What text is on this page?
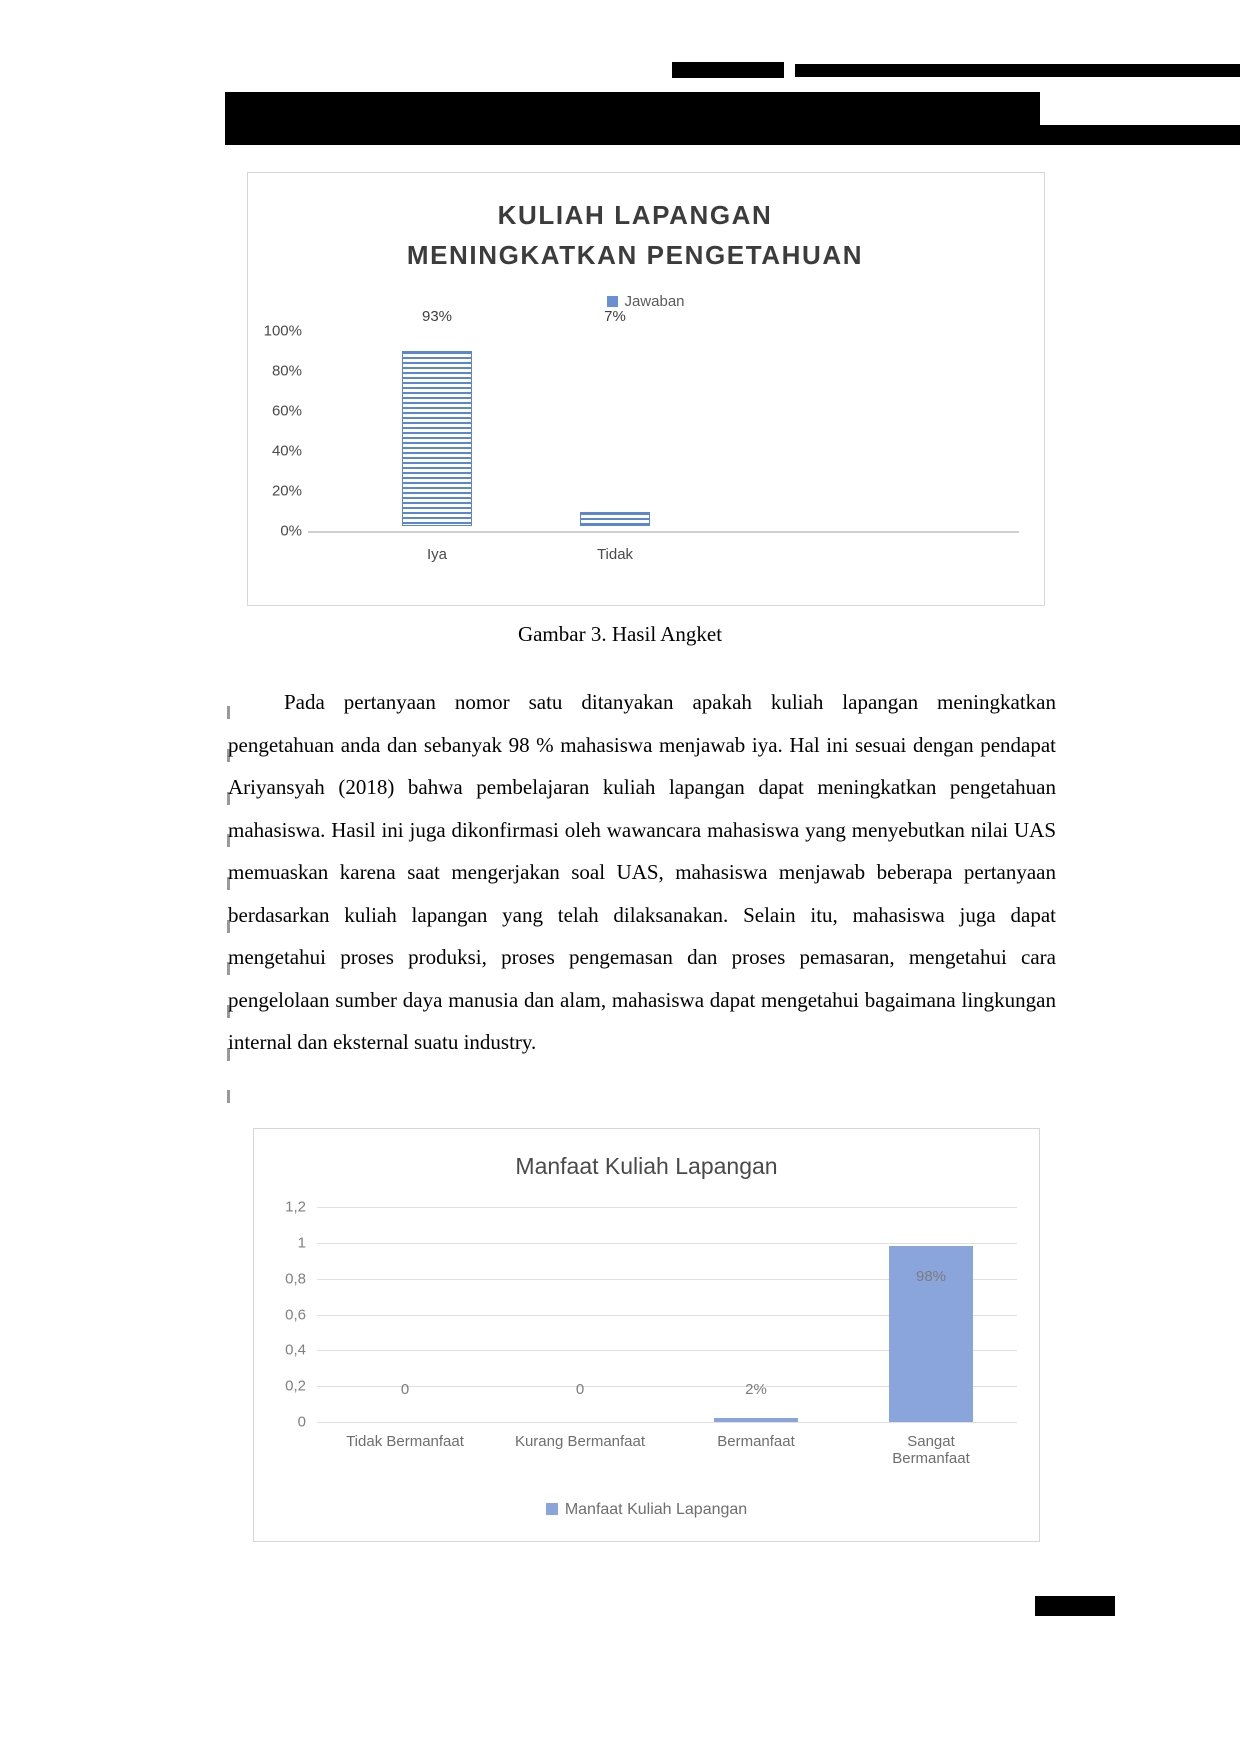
KULIAH LAPANGAN
MENINGKATKAN PENGETAHUAN
Jawaban
100%
80%
60%
40%
20%
0%
93%	7%
Iya	Tidak
Gambar 3. Hasil Angket

Pada pertanyaan nomor satu ditanyakan apakah kuliah lapangan meningkatkan pengetahuan anda dan sebanyak 98 % mahasiswa menjawab iya. Hal ini sesuai dengan pendapat Ariyansyah (2018) bahwa pembelajaran kuliah lapangan dapat meningkatkan pengetahuan mahasiswa. Hasil ini juga dikonfirmasi oleh wawancara mahasiswa yang menyebutkan nilai UAS memuaskan karena saat mengerjakan soal UAS, mahasiswa menjawab beberapa pertanyaan berdasarkan kuliah lapangan yang telah dilaksanakan. Selain itu, mahasiswa juga dapat mengetahui proses produksi, proses pengemasan dan proses pemasaran, mengetahui cara pengelolaan sumber daya manusia dan alam, mahasiswa dapat mengetahui bagaimana lingkungan internal dan eksternal suatu industry.

Manfaat Kuliah Lapangan
1,2
1
0,8
0,6
0,4
0,2
0
0	0	2%
98%
Tidak Bermanfaat	Kurang Bermanfaat	Bermanfaat	Sangat Bermanfaat
Manfaat Kuliah Lapangan
